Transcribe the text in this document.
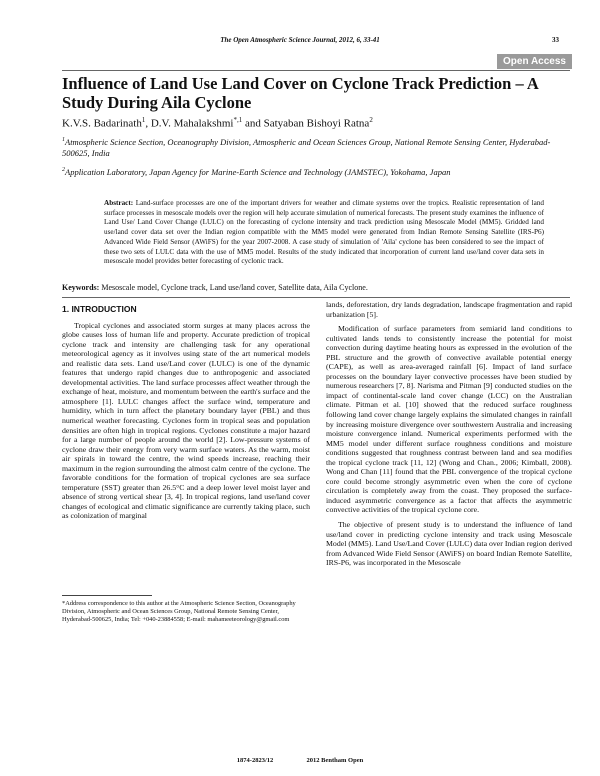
The Open Atmospheric Science Journal, 2012, 6, 33-41	33
Open Access
Influence of Land Use Land Cover on Cyclone Track Prediction – A Study During Aila Cyclone
K.V.S. Badarinath$^1$, D.V. Mahalakshmi$^{*,1}$ and Satyaban Bishoyi Ratna$^2$
$^1$Atmospheric Science Section, Oceanography Division, Atmospheric and Ocean Sciences Group, National Remote Sensing Center, Hyderabad-500625, India
$^2$Application Laboratory, Japan Agency for Marine-Earth Science and Technology (JAMSTEC), Yokohama, Japan
Abstract: Land-surface processes are one of the important drivers for weather and climate systems over the tropics. Realistic representation of land surface processes in mesoscale models over the region will help accurate simulation of numerical forecasts. The present study examines the influence of Land Use/ Land Cover Change (LULC) on the forecasting of cyclone intensity and track prediction using Mesoscale Model (MM5). Gridded land use/land cover data set over the Indian region compatible with the MM5 model were generated from Indian Remote Sensing Satellite (IRS-P6) Advanced Wide Field Sensor (AWiFS) for the year 2007-2008. A case study of simulation of 'Aila' cyclone has been considered to see the impact of these two sets of LULC data with the use of MM5 model. Results of the study indicated that incorporation of current land use/land cover data sets in mesoscale model provides better forecasting of cyclonic track.
Keywords: Mesoscale model, Cyclone track, Land use/land cover, Satellite data, Aila Cyclone.

1. INTRODUCTION

Tropical cyclones and associated storm surges at many places across the globe causes loss of human life and property. Accurate prediction of tropical cyclone track and intensity are challenging task for any operational meteorological agency as it involves using state of the art numerical models and realistic data sets. Land use/Land cover (LULC) is one of the dynamic features that undergo rapid changes due to anthropogenic and associated developmental activities. The land surface processes affect weather through the exchange of heat, moisture, and momentum between the earth's surface and the atmosphere [1]. LULC changes affect the surface wind, temperature and humidity, which in turn affect the planetary boundary layer (PBL) and thus numerical weather forecasting. Cyclones form in tropical seas and population densities are often high in tropical regions. Cyclones constitute a major hazard for a large number of people around the world [2]. Low-pressure systems of cyclone draw their energy from very warm surface waters. As the warm, moist air spirals in toward the centre, the wind speeds increase, reaching their maximum in the region surrounding the almost calm centre of the cyclone. The favorable conditions for the formation of tropical cyclones are sea surface temperature (SST) greater than 26.5°C and a deep lower level moist layer and absence of strong vertical shear [3, 4]. In tropical regions, land use/land cover changes of ecological and climatic significance are currently taking place, such as colonization of marginal

lands, deforestation, dry lands degradation, landscape fragmentation and rapid urbanization [5].

Modification of surface parameters from semiarid land conditions to cultivated lands tends to consistently increase the potential for moist convection during daytime heating hours as expressed in the evolution of the PBL structure and the growth of convective available potential energy (CAPE), as well as area-averaged rainfall [6]. Impact of land surface processes on the boundary layer convective processes have been studied by numerous researchers [7, 8]. Narisma and Pitman [9] conducted studies on the impact of continental-scale land cover change (LCC) on the Australian climate. Pitman et al. [10] showed that the reduced surface roughness following land cover change largely explains the simulated changes in rainfall by increasing moisture divergence over southwestern Australia and increasing moisture convergence inland. Numerical experiments performed with the MM5 model under different surface roughness conditions and moisture conditions suggested that roughness contrast between land and sea modifies the tropical cyclone track [11, 12] (Wong and Chan., 2006; Kimball, 2008). Wong and Chan [11] found that the PBL convergence of the tropical cyclone core could become strongly asymmetric even when the core of cyclone circulation is completely away from the coast. They proposed the surface-induced asymmetric convergence as a factor that affects the asymmetric convective activities of the tropical cyclone core.

The objective of present study is to understand the influence of land use/land cover in predicting cyclone intensity and track using Mesoscale Model (MM5). Land Use/Land Cover (LULC) data over Indian region derived from Advanced Wide Field Sensor (AWiFS) on board Indian Remote Satellite, IRS-P6, was incorporated in the Mesoscale

*Address correspondence to this author at the Atmospheric Science Section, Oceanography Division, Atmospheric and Ocean Sciences Group, National Remote Sensing Center, Hyderabad-500625, India; Tel: +040-23884558; E-mail: mahameeteorology@gmail.com
1874-2823/12	2012 Bentham Open
